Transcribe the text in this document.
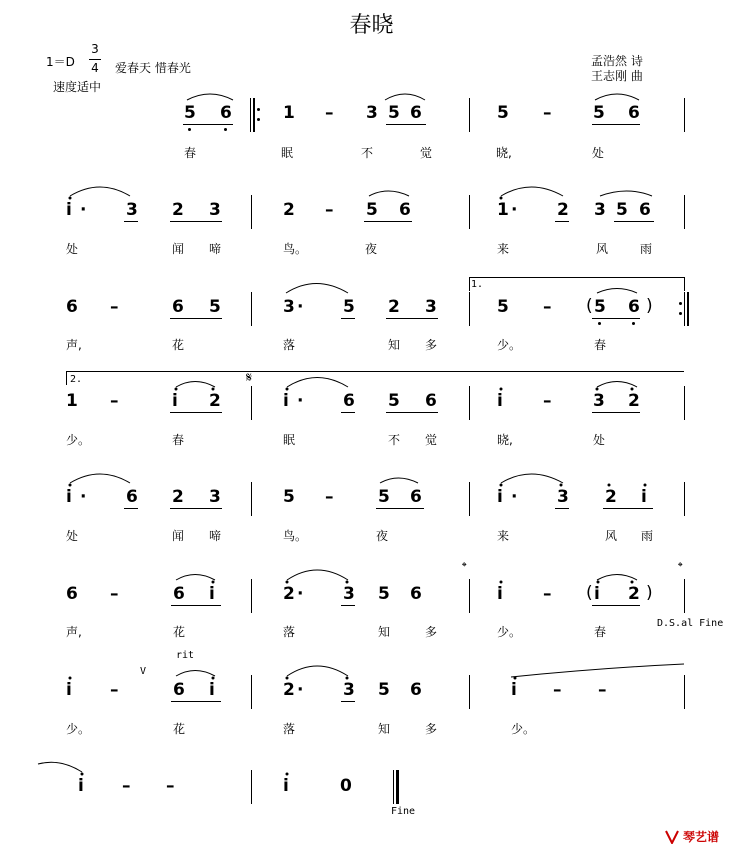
春晓
1＝D
3
4 爱春天 惜春光
速度适中
孟浩然 诗
王志刚 曲
5 6	1 – 3 5 6	5 – 5 6
春	眠	不	觉	晓,	处
i · 3 2 3	2 – 5 6	1 · 2 3 5 6
处	闻 啼	鸟。	夜	来	风	雨
6 –	6 5	3 · 5 2 3
1.
5 – ( 5 6 )
声,	花	落	知 多	少。	春
2.	𝄋
1 –	i 2	i · 6 5 6	i – 3 2
少。	春	眠	不 觉	晓,	处
i · 6 2 3	5 –	5 6	i · 3 2 i
处	闻 啼	鸟。	夜	来	风 雨
6 –	6 i	2 · 3 5 6
𝄌
i – ( i 2 )
𝄌
D.S.al Fine
声,	花	落	知	多	少。	春
rit
V
i –	6 i	2 · 3 5 6	i – –
少。	花	落	知	多	少。
i – –	i	0
Fine
琴艺谱
